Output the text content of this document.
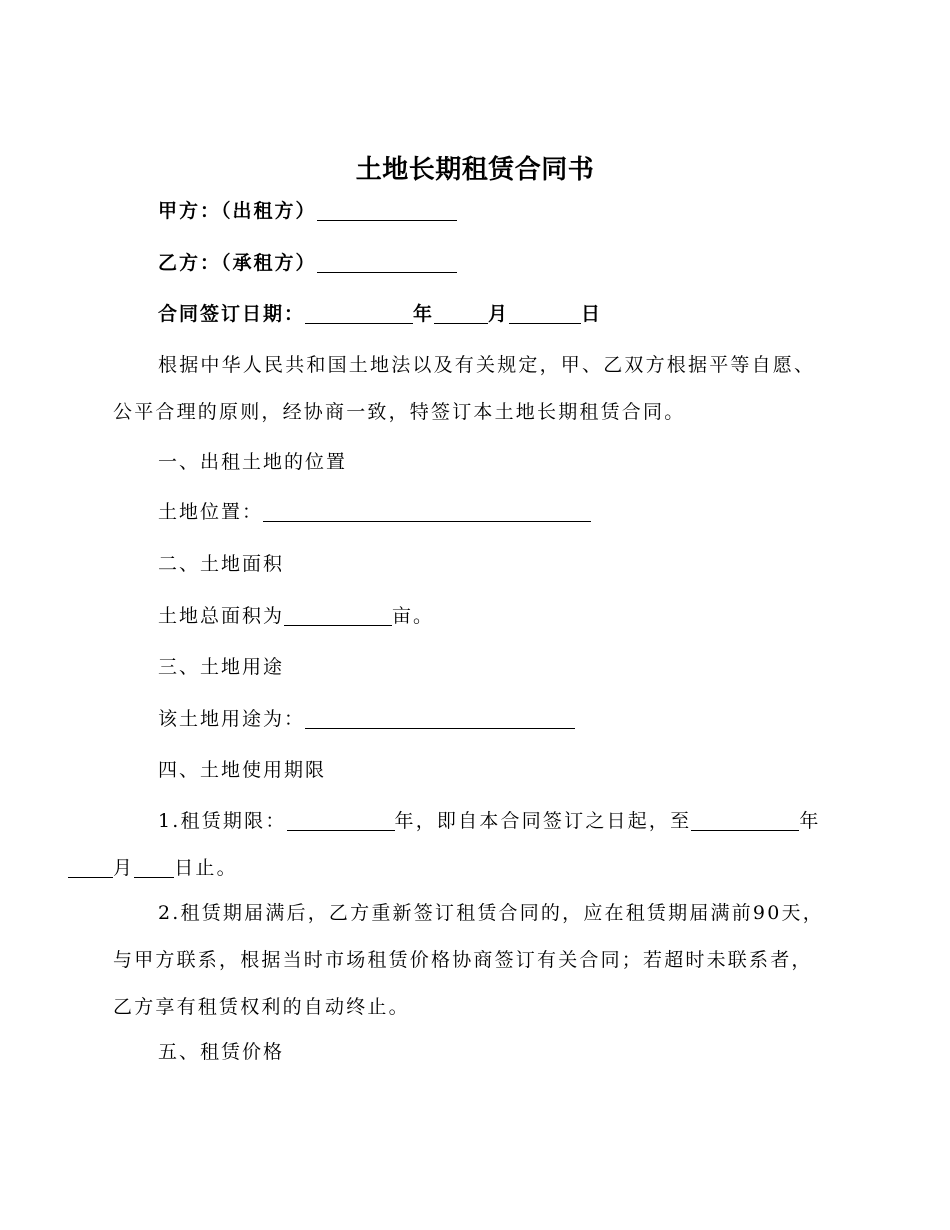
土地长期租赁合同书
甲方：（出租方）
乙方：（承租方）
合同签订日期：	年	月	日
根据中华人民共和国土地法以及有关规定，甲、乙双方根据平等自愿、公平合理的原则，经协商一致，特签订本土地长期租赁合同。
一、出租土地的位置
土地位置：
二、土地面积
土地总面积为	亩。
三、土地用途
该土地用途为：
四、土地使用期限
1.租赁期限：	年，即自本合同签订之日起，至	年
月 日止。
2.租赁期届满后，乙方重新签订租赁合同的，应在租赁期届满前90天，与甲方联系，根据当时市场租赁价格协商签订有关合同；若超时未联系者，乙方享有租赁权利的自动终止。
五、租赁价格
